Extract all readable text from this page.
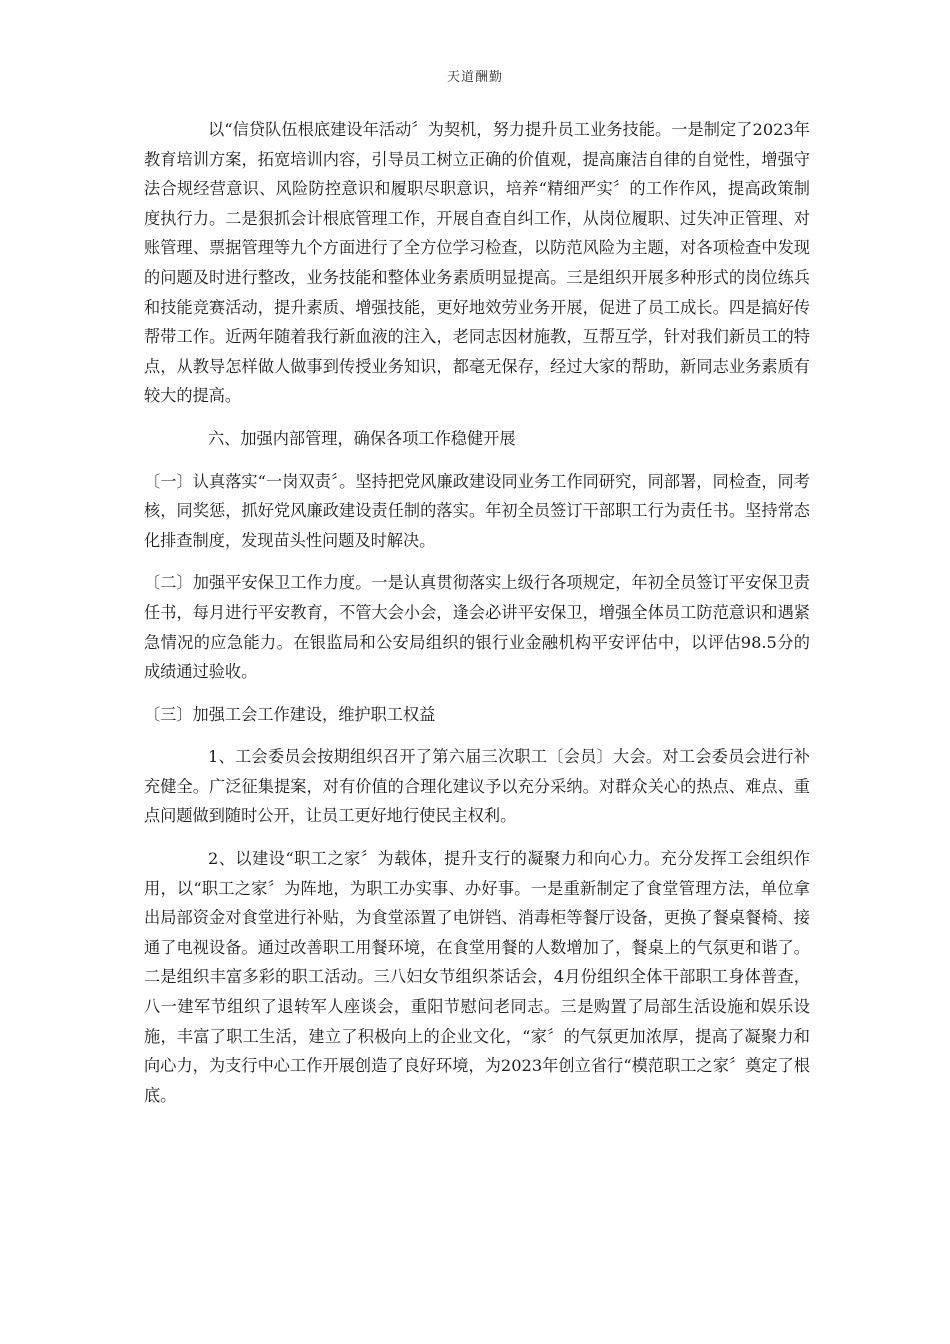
天道酬勤

以“信贷队伍根底建设年活动〞为契机，努力提升员工业务技能。一是制定了2023年教育培训方案，拓宽培训内容，引导员工树立正确的价值观，提高廉洁自律的自觉性，增强守法合规经营意识、风险防控意识和履职尽职意识，培养“精细严实〞的工作作风，提高政策制度执行力。二是狠抓会计根底管理工作，开展自查自纠工作，从岗位履职、过失冲正管理、对账管理、票据管理等九个方面进行了全方位学习检查，以防范风险为主题，对各项检查中发现的问题及时进行整改，业务技能和整体业务素质明显提高。三是组织开展多种形式的岗位练兵和技能竞赛活动，提升素质、增强技能，更好地效劳业务开展，促进了员工成长。四是搞好传帮带工作。近两年随着我行新血液的注入，老同志因材施教，互帮互学，针对我们新员工的特点，从教导怎样做人做事到传授业务知识，都毫无保存，经过大家的帮助，新同志业务素质有较大的提高。

六、加强内部管理，确保各项工作稳健开展

〔一〕认真落实“一岗双责〞。坚持把党风廉政建设同业务工作同研究，同部署，同检查，同考核，同奖惩，抓好党风廉政建设责任制的落实。年初全员签订干部职工行为责任书。坚持常态化排查制度，发现苗头性问题及时解决。

〔二〕加强平安保卫工作力度。一是认真贯彻落实上级行各项规定，年初全员签订平安保卫责任书，每月进行平安教育，不管大会小会，逢会必讲平安保卫，增强全体员工防范意识和遇紧急情况的应急能力。在银监局和公安局组织的银行业金融机构平安评估中，以评估98.5分的成绩通过验收。

〔三〕加强工会工作建设，维护职工权益

1、工会委员会按期组织召开了第六届三次职工〔会员〕大会。对工会委员会进行补充健全。广泛征集提案，对有价值的合理化建议予以充分采纳。对群众关心的热点、难点、重点问题做到随时公开，让员工更好地行使民主权利。

2、以建设“职工之家〞为载体，提升支行的凝聚力和向心力。充分发挥工会组织作用，以“职工之家〞为阵地，为职工办实事、办好事。一是重新制定了食堂管理方法，单位拿出局部资金对食堂进行补贴，为食堂添置了电饼铛、消毒柜等餐厅设备，更换了餐桌餐椅、接通了电视设备。通过改善职工用餐环境，在食堂用餐的人数增加了，餐桌上的气氛更和谐了。二是组织丰富多彩的职工活动。三八妇女节组织茶话会，4月份组织全体干部职工身体普查，八一建军节组织了退转军人座谈会，重阳节慰问老同志。三是购置了局部生活设施和娱乐设施，丰富了职工生活，建立了积极向上的企业文化，“家〞的气氛更加浓厚，提高了凝聚力和向心力，为支行中心工作开展创造了良好环境，为2023年创立省行“模范职工之家〞奠定了根底。
